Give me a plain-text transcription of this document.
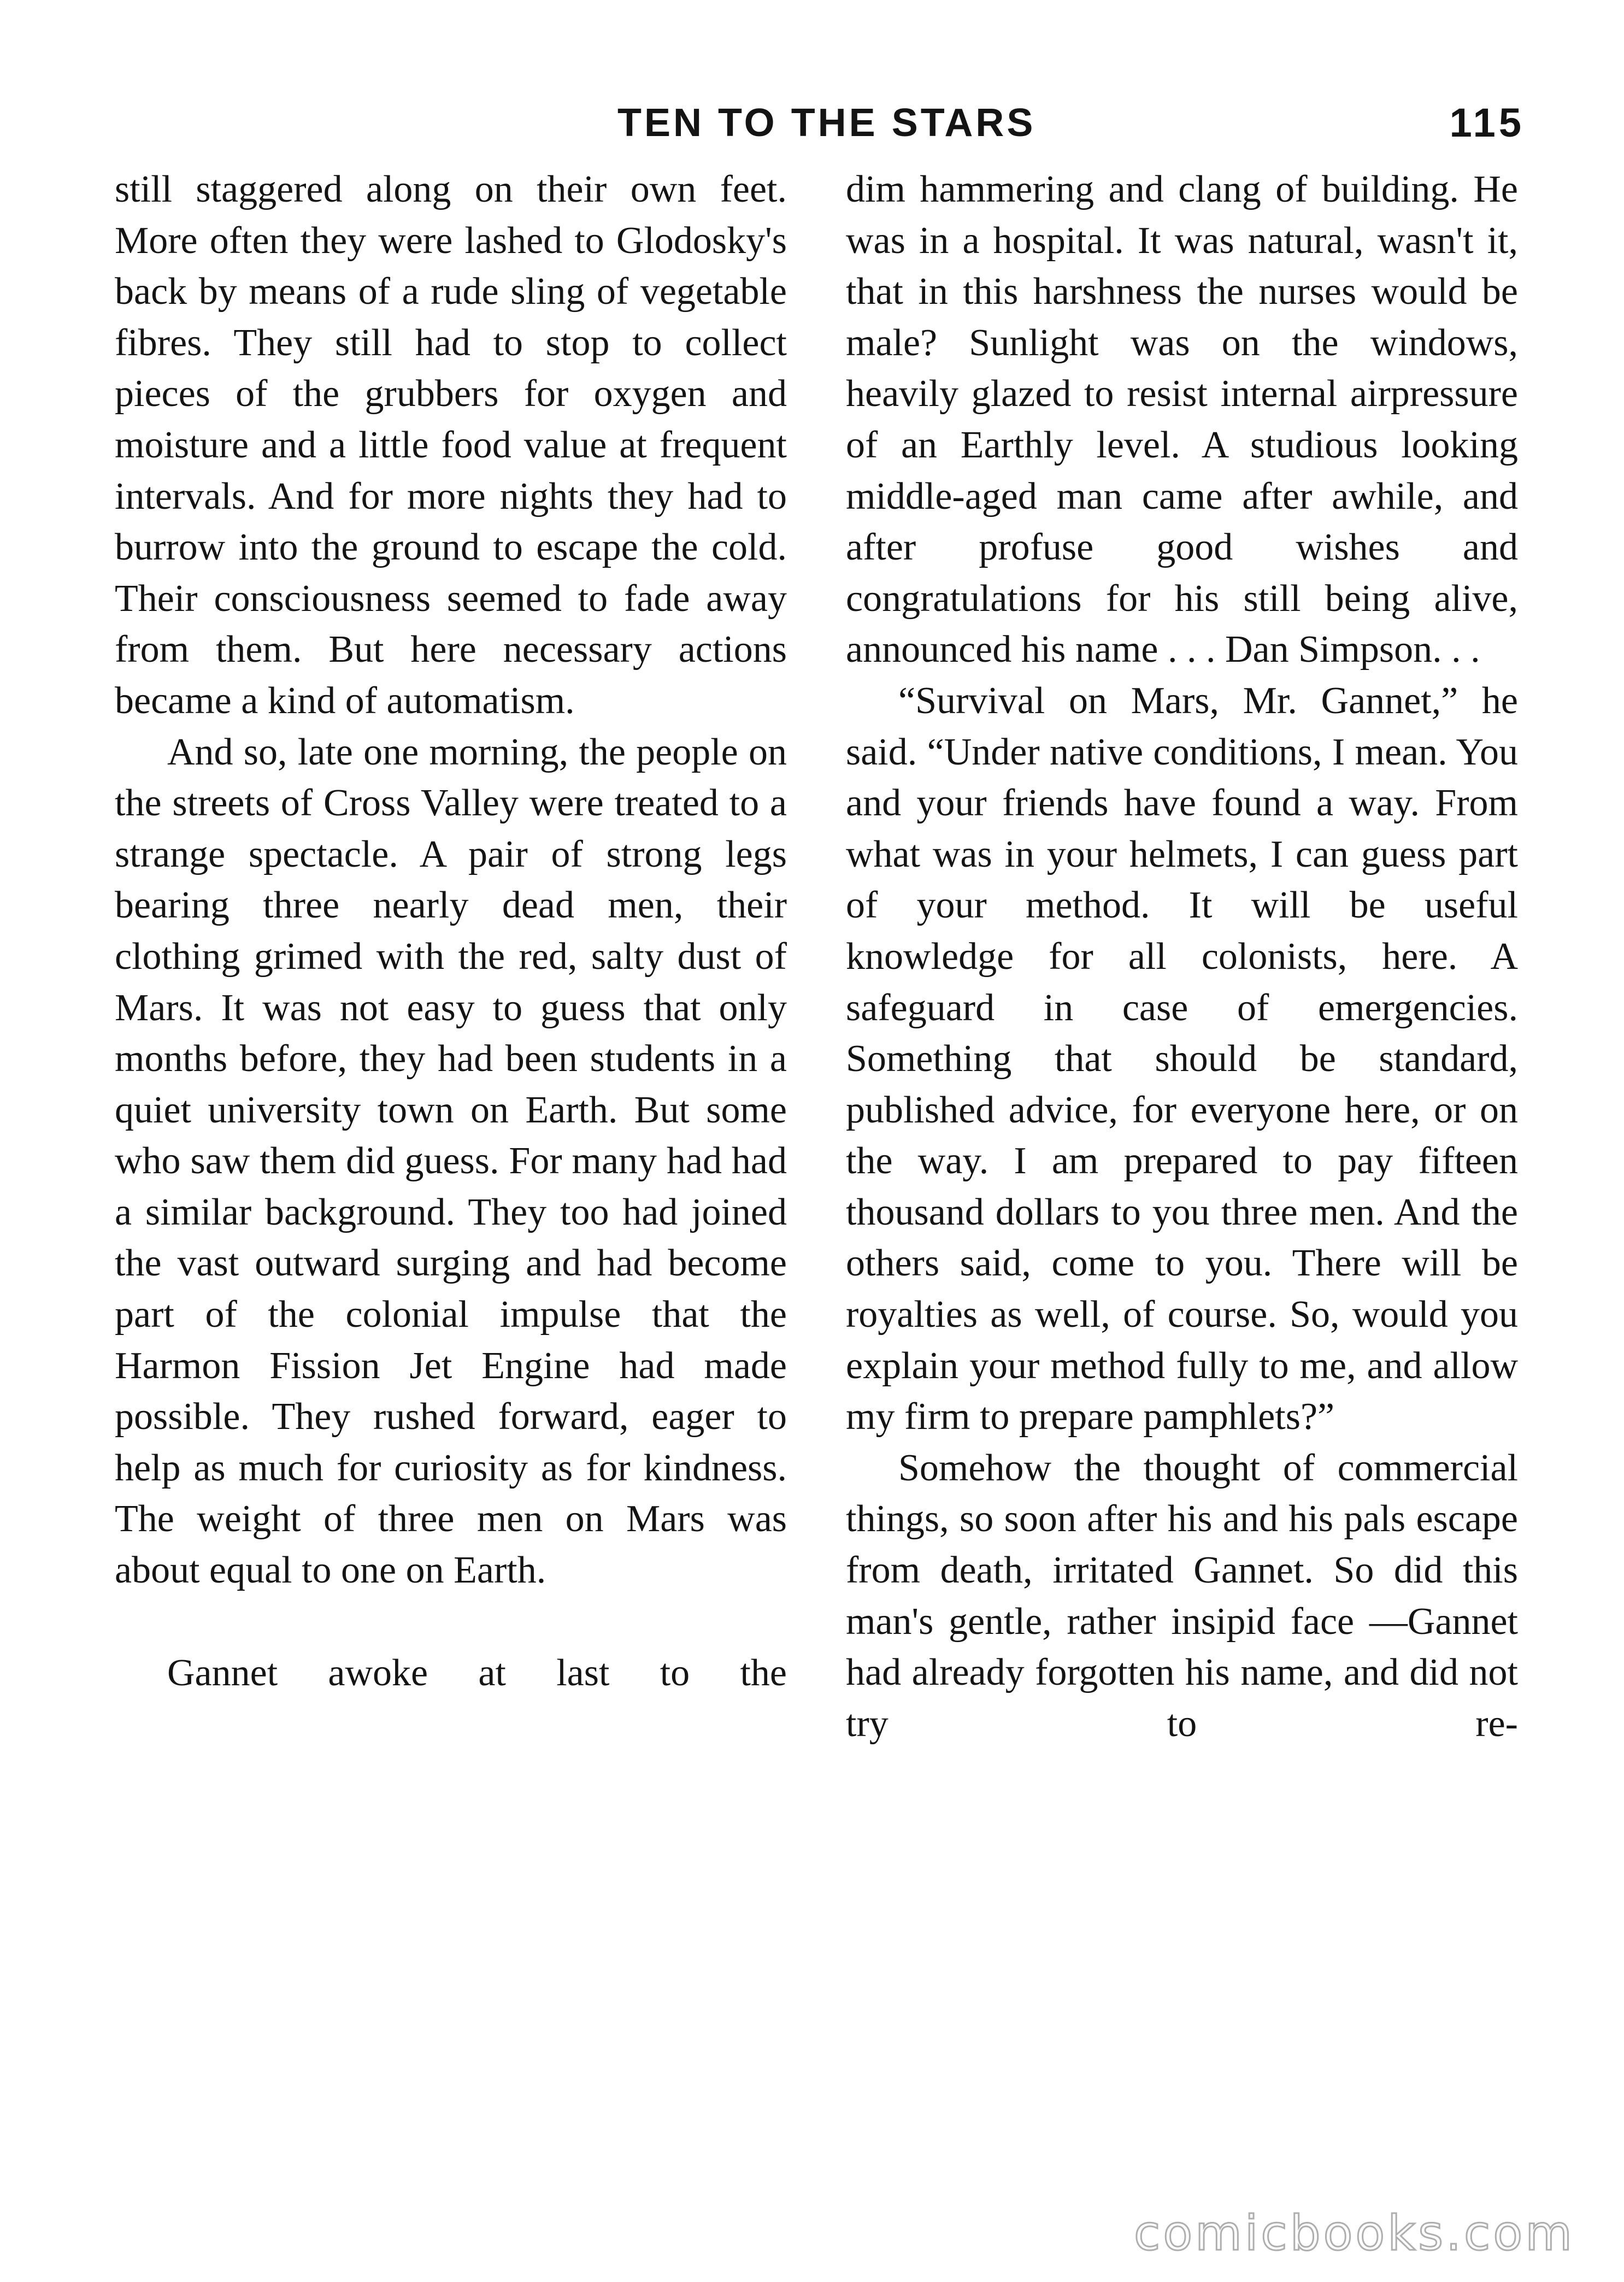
TEN TO THE STARS	115

still staggered along on their own feet. More often they were lashed to Glodosky's back by means of a rude sling of vegetable fibres. They still had to stop to collect pieces of the grubbers for oxygen and moisture and a little food value at frequent intervals. And for more nights they had to burrow into the ground to escape the cold. Their consciousness seemed to fade away from them. But here necessary actions became a kind of automatism.

And so, late one morning, the people on the streets of Cross Valley were treated to a strange spectacle. A pair of strong legs bearing three nearly dead men, their clothing grimed with the red, salty dust of Mars. It was not easy to guess that only months before, they had been students in a quiet university town on Earth. But some who saw them did guess. For many had had a similar background. They too had joined the vast outward surging and had become part of the colonial impulse that the Harmon Fission Jet Engine had made possible. They rushed forward, eager to help as much for curiosity as for kindness. The weight of three men on Mars was about equal to one on Earth.

Gannet awoke at last to the

dim hammering and clang of building. He was in a hospital. It was natural, wasn't it, that in this harshness the nurses would be male? Sunlight was on the windows, heavily glazed to resist internal airpressure of an Earthly level. A studious looking middle-aged man came after awhile, and after profuse good wishes and congratulations for his still being alive, announced his name . . . Dan Simpson. . .

“Survival on Mars, Mr. Gannet,” he said. “Under native conditions, I mean. You and your friends have found a way. From what was in your helmets, I can guess part of your method. It will be useful knowledge for all colonists, here. A safeguard in case of emergencies. Something that should be standard, published advice, for everyone here, or on the way. I am prepared to pay fifteen thousand dollars to you three men. And the others said, come to you. There will be royalties as well, of course. So, would you explain your method fully to me, and allow my firm to prepare pamphlets?”

Somehow the thought of commercial things, so soon after his and his pals escape from death, irritated Gannet. So did this man's gentle, rather insipid face —Gannet had already forgotten his name, and did not try to re-

comicbooks.com
